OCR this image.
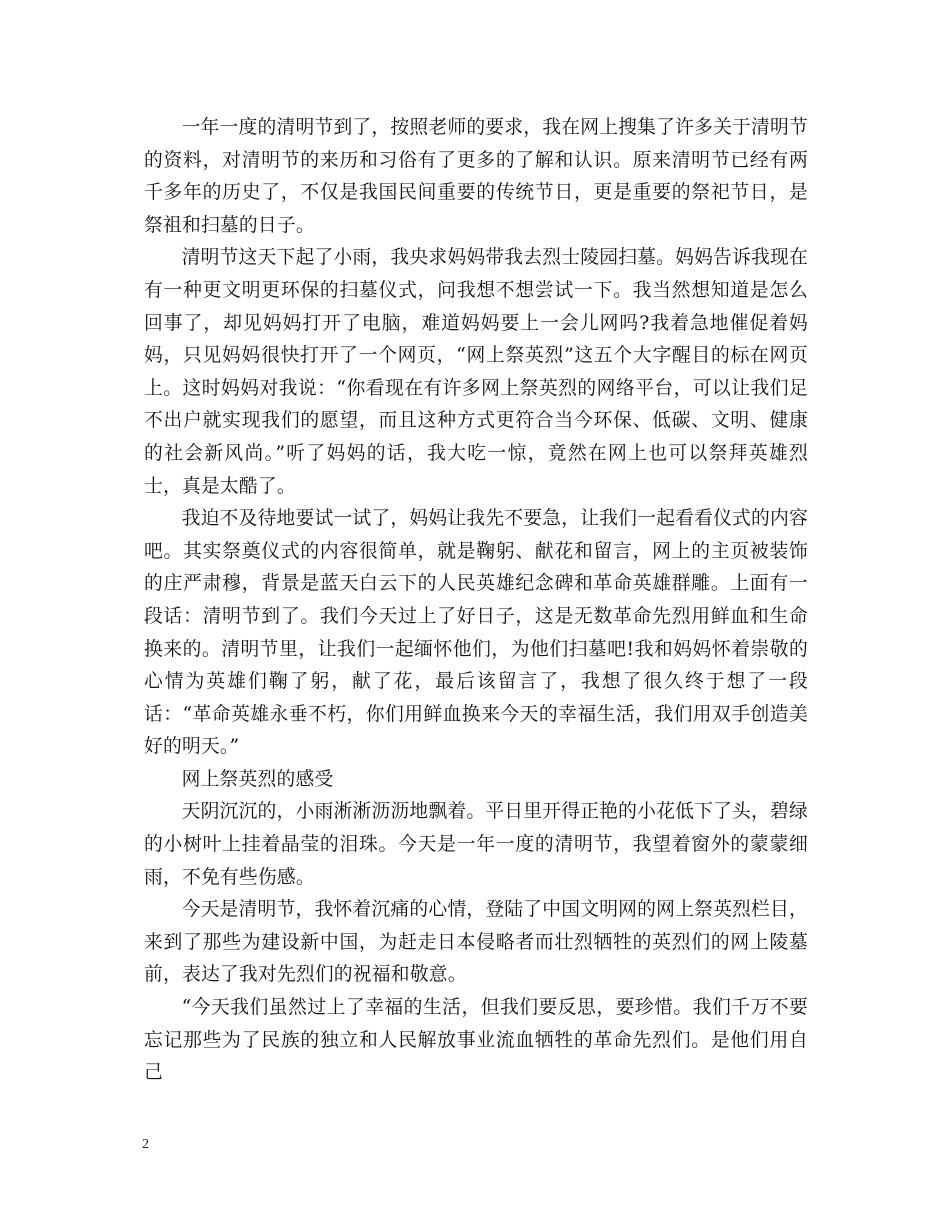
一年一度的清明节到了，按照老师的要求，我在网上搜集了许多关于清明节的资料，对清明节的来历和习俗有了更多的了解和认识。原来清明节已经有两千多年的历史了，不仅是我国民间重要的传统节日，更是重要的祭祀节日，是祭祖和扫墓的日子。

清明节这天下起了小雨，我央求妈妈带我去烈士陵园扫墓。妈妈告诉我现在有一种更文明更环保的扫墓仪式，问我想不想尝试一下。我当然想知道是怎么回事了，却见妈妈打开了电脑，难道妈妈要上一会儿网吗?我着急地催促着妈妈，只见妈妈很快打开了一个网页，“网上祭英烈”这五个大字醒目的标在网页上。这时妈妈对我说：“你看现在有许多网上祭英烈的网络平台，可以让我们足不出户就实现我们的愿望，而且这种方式更符合当今环保、低碳、文明、健康的社会新风尚。”听了妈妈的话，我大吃一惊，竟然在网上也可以祭拜英雄烈士，真是太酷了。

我迫不及待地要试一试了，妈妈让我先不要急，让我们一起看看仪式的内容吧。其实祭奠仪式的内容很简单，就是鞠躬、献花和留言，网上的主页被装饰的庄严肃穆，背景是蓝天白云下的人民英雄纪念碑和革命英雄群雕。上面有一段话：清明节到了。我们今天过上了好日子，这是无数革命先烈用鲜血和生命换来的。清明节里，让我们一起缅怀他们，为他们扫墓吧!我和妈妈怀着崇敬的心情为英雄们鞠了躬，献了花，最后该留言了，我想了很久终于想了一段话：“革命英雄永垂不朽，你们用鲜血换来今天的幸福生活，我们用双手创造美好的明天。”

网上祭英烈的感受

天阴沉沉的，小雨淅淅沥沥地飘着。平日里开得正艳的小花低下了头，碧绿的小树叶上挂着晶莹的泪珠。今天是一年一度的清明节，我望着窗外的蒙蒙细雨，不免有些伤感。

今天是清明节，我怀着沉痛的心情，登陆了中国文明网的网上祭英烈栏目，来到了那些为建设新中国，为赶走日本侵略者而壮烈牺牲的英烈们的网上陵墓前，表达了我对先烈们的祝福和敬意。

“今天我们虽然过上了幸福的生活，但我们要反思，要珍惜。我们千万不要忘记那些为了民族的独立和人民解放事业流血牺牲的革命先烈们。是他们用自己

2
